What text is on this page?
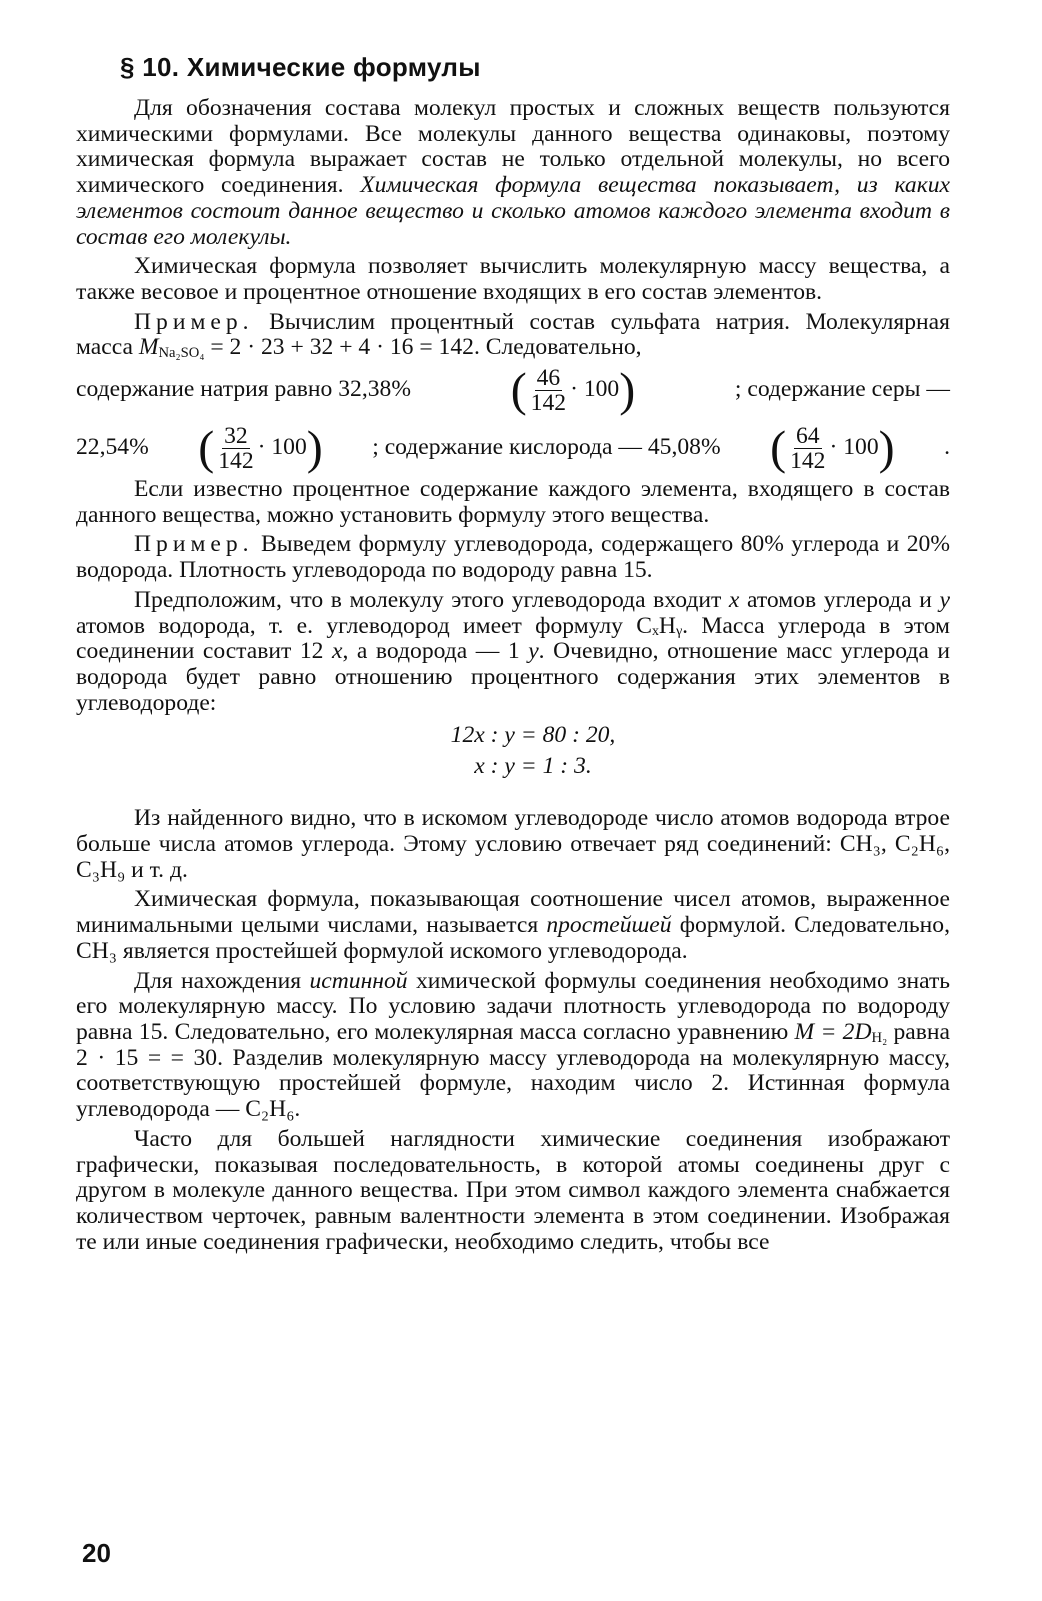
§ 10. Химические формулы

Для обозначения состава молекул простых и сложных веществ пользуются химическими формулами. Все молекулы данного вещества одинаковы, поэтому химическая формула выражает состав не только отдельной молекулы, но всего химического соединения. Химическая формула вещества показывает, из каких элементов состоит данное вещество и сколько атомов каждого элемента входит в состав его молекулы.

Химическая формула позволяет вычислить молекулярную массу вещества, а также весовое и процентное отношение входящих в его состав элементов.

Пример. Вычислим процентный состав сульфата натрия. Молекулярная масса $M_{Na_2SO_4} = 2 \cdot 23 + 32 + 4 \cdot 16 = 142$. Следовательно,

содержание натрия равно 32,38% ( $\frac{46}{142} \cdot 100$)	; содержание серы —
22,54% ( $\frac{32}{142} \cdot 100$) ; содержание кислорода — 45,08% ( $\frac{64}{142} \cdot 100$) .

Если известно процентное содержание каждого элемента, входящего в состав данного вещества, можно установить формулу этого вещества.

Пример. Выведем формулу углеводорода, содержащего 80% углерода и 20% водорода. Плотность углеводорода по водороду равна 15.

Предположим, что в молекулу этого углеводорода входит x атомов углерода и y атомов водорода, т. е. углеводород имеет формулу CₓHᵧ. Масса углерода в этом соединении составит 12 x, а водорода — 1 y. Очевидно, отношение масс углерода и водорода будет равно отношению процентного содержания этих элементов в углеводороде:

12x : y = 80 : 20,
x : y = 1 : 3.

Из найденного видно, что в искомом углеводороде число атомов водорода втрое больше числа атомов углерода. Этому условию отвечает ряд соединений: CH₃, C₂H₆, C₃H₉ и т. д.

Химическая формула, показывающая соотношение чисел атомов, выраженное минимальными целыми числами, называется простейшей формулой. Следовательно, CH₃ является простейшей формулой искомого углеводорода.

Для нахождения истинной химической формулы соединения необходимо знать его молекулярную массу. По условию задачи плотность углеводорода по водороду равна 15. Следовательно, его молекулярная масса согласно уравнению $M = 2D_{H_2}$ равна 2 · 15 = = 30. Разделив молекулярную массу углеводорода на молекулярную массу, соответствующую простейшей формуле, находим число 2. Истинная формула углеводорода — C₂H₆.

Часто для большей наглядности химические соединения изображают графически, показывая последовательность, в которой атомы соединены друг с другом в молекуле данного вещества. При этом символ каждого элемента снабжается количеством черточек, равным валентности элемента в этом соединении. Изображая те или иные соединения графически, необходимо следить, чтобы все

20
